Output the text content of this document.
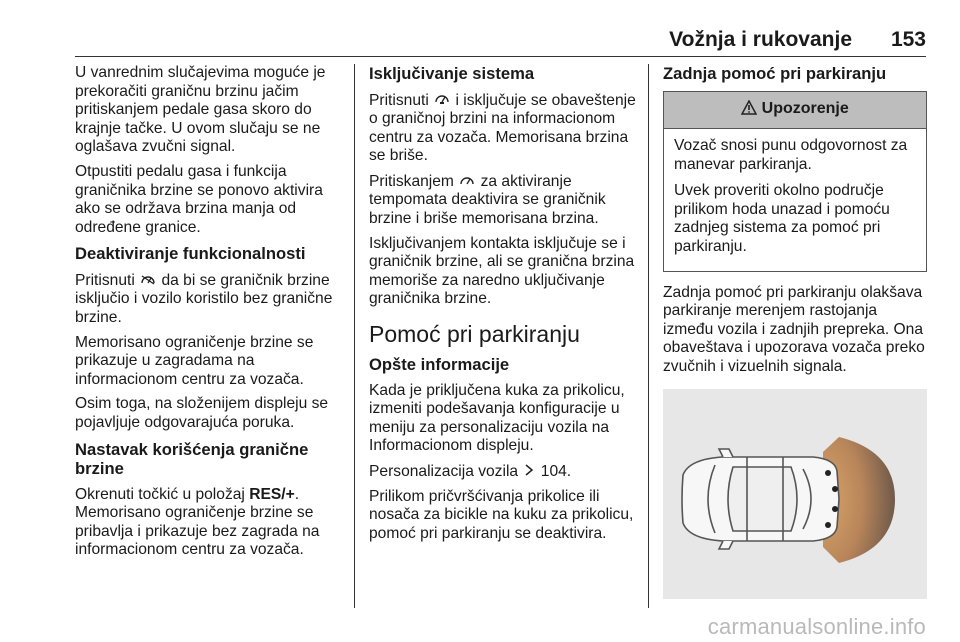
Vožnja i rukovanje 153

U vanrednim slučajevima moguće je prekoračiti graničnu brzinu jačim pritiskanjem pedale gasa skoro do krajnje tačke. U ovom slučaju se ne oglašava zvučni signal.

Otpustiti pedalu gasa i funkcija graničnika brzine se ponovo aktivira ako se održava brzina manja od određene granice.

Deaktiviranje funkcionalnosti

Pritisnuti da bi se graničnik brzine isključio i vozilo koristilo bez granične brzine.

Memorisano ograničenje brzine se prikazuje u zagradama na informacionom centru za vozača.

Osim toga, na složenijem displeju se pojavljuje odgovarajuća poruka.

Nastavak korišćenja granične brzine

Okrenuti točkić u položaj RES/+. Memorisano ograničenje brzine se pribavlja i prikazuje bez zagrada na informacionom centru za vozača.

Isključivanje sistema

Pritisnuti i isključuje se obaveštenje o graničnoj brzini na informacionom centru za vozača. Memorisana brzina se briše.

Pritiskanjem za aktiviranje tempomata deaktivira se graničnik brzine i briše memorisana brzina.

Isključivanjem kontakta isključuje se i graničnik brzine, ali se granična brzina memoriše za naredno uključivanje graničnika brzine.

Pomoć pri parkiranju
Opšte informacije

Kada je priključena kuka za prikolicu, izmeniti podešavanja konfiguracije u meniju za personalizaciju vozila na Informacionom displeju.

Personalizacija vozila 104.

Prilikom pričvršćivanja prikolice ili nosača za bicikle na kuku za prikolicu, pomoć pri parkiranju se deaktivira.

Zadnja pomoć pri parkiranju
Upozorenje

Vozač snosi punu odgovornost za manevar parkiranja.

Uvek proveriti okolno područje prilikom hoda unazad i pomoću zadnjeg sistema za pomoć pri parkiranju.

Zadnja pomoć pri parkiranju olakšava parkiranje merenjem rastojanja između vozila i zadnjih prepreka. Ona obaveštava i upozorava vozača preko zvučnih i vizuelnih signala.

carmanualsonline.info
